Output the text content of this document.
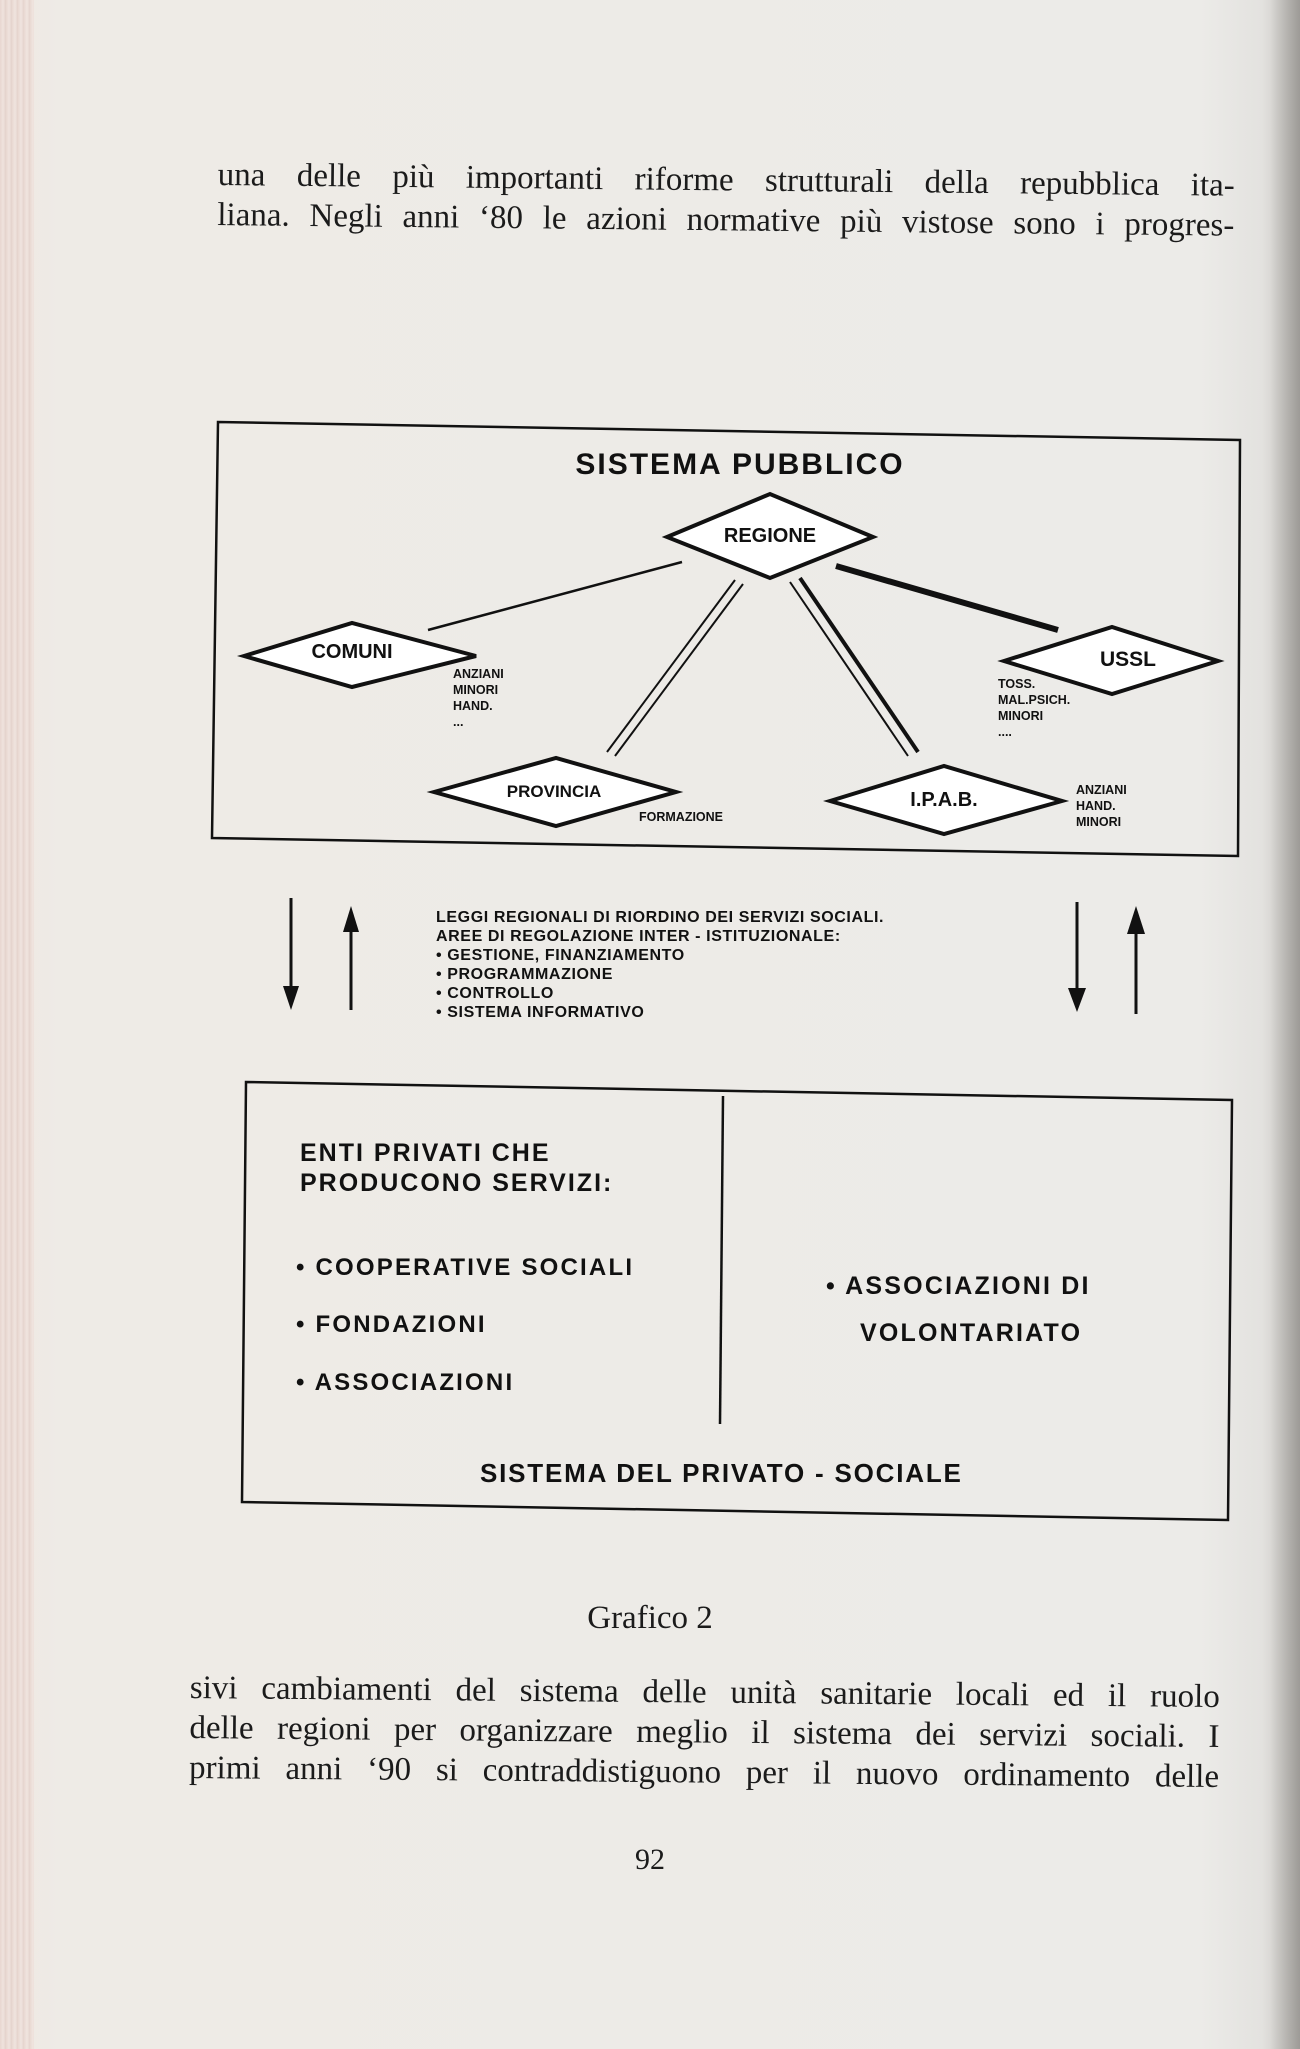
una delle più importanti riforme strutturali della repubblica ita-
liana. Negli anni ‘80 le azioni normative più vistose sono i progres-
SISTEMA PUBBLICO
REGIONE
COMUNI	USSL
PROVINCIA	I.P.A.B.
ANZIANI
MINORI
HAND.
...
TOSS.
MAL.PSICH.
MINORI
....
FORMAZIONE
ANZIANI
HAND.
MINORI
LEGGI REGIONALI DI RIORDINO DEI SERVIZI SOCIALI.
AREE DI REGOLAZIONE INTER - ISTITUZIONALE:
• GESTIONE, FINANZIAMENTO
• PROGRAMMAZIONE
• CONTROLLO
• SISTEMA INFORMATIVO
ENTI PRIVATI CHE
PRODUCONO SERVIZI:
• COOPERATIVE SOCIALI
• FONDAZIONI
• ASSOCIAZIONI
• ASSOCIAZIONI DI
VOLONTARIATO
SISTEMA DEL PRIVATO - SOCIALE
Grafico 2
sivi cambiamenti del sistema delle unità sanitarie locali ed il ruolo
delle regioni per organizzare meglio il sistema dei servizi sociali. I
primi anni ‘90 si contraddistiguono per il nuovo ordinamento delle
92
